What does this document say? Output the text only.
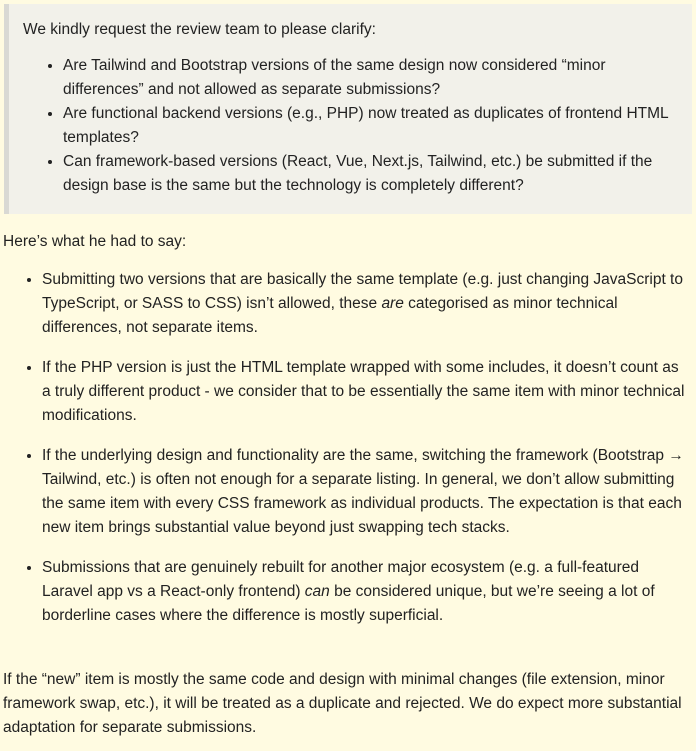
We kindly request the review team to please clarify:

• Are Tailwind and Bootstrap versions of the same design now considered “minor differences” and not allowed as separate submissions?
• Are functional backend versions (e.g., PHP) now treated as duplicates of frontend HTML templates?
• Can framework-based versions (React, Vue, Next.js, Tailwind, etc.) be submitted if the design base is the same but the technology is completely different?

Here’s what he had to say:

• Submitting two versions that are basically the same template (e.g. just changing JavaScript to TypeScript, or SASS to CSS) isn’t allowed, these are categorised as minor technical differences, not separate items.
• If the PHP version is just the HTML template wrapped with some includes, it doesn’t count as a truly different product - we consider that to be essentially the same item with minor technical modifications.
• If the underlying design and functionality are the same, switching the framework (Bootstrap → Tailwind, etc.) is often not enough for a separate listing. In general, we don’t allow submitting the same item with every CSS framework as individual products. The expectation is that each new item brings substantial value beyond just swapping tech stacks.
• Submissions that are genuinely rebuilt for another major ecosystem (e.g. a full-featured Laravel app vs a React-only frontend) can be considered unique, but we’re seeing a lot of borderline cases where the difference is mostly superficial.

If the “new” item is mostly the same code and design with minimal changes (file extension, minor framework swap, etc.), it will be treated as a duplicate and rejected. We do expect more substantial adaptation for separate submissions.
